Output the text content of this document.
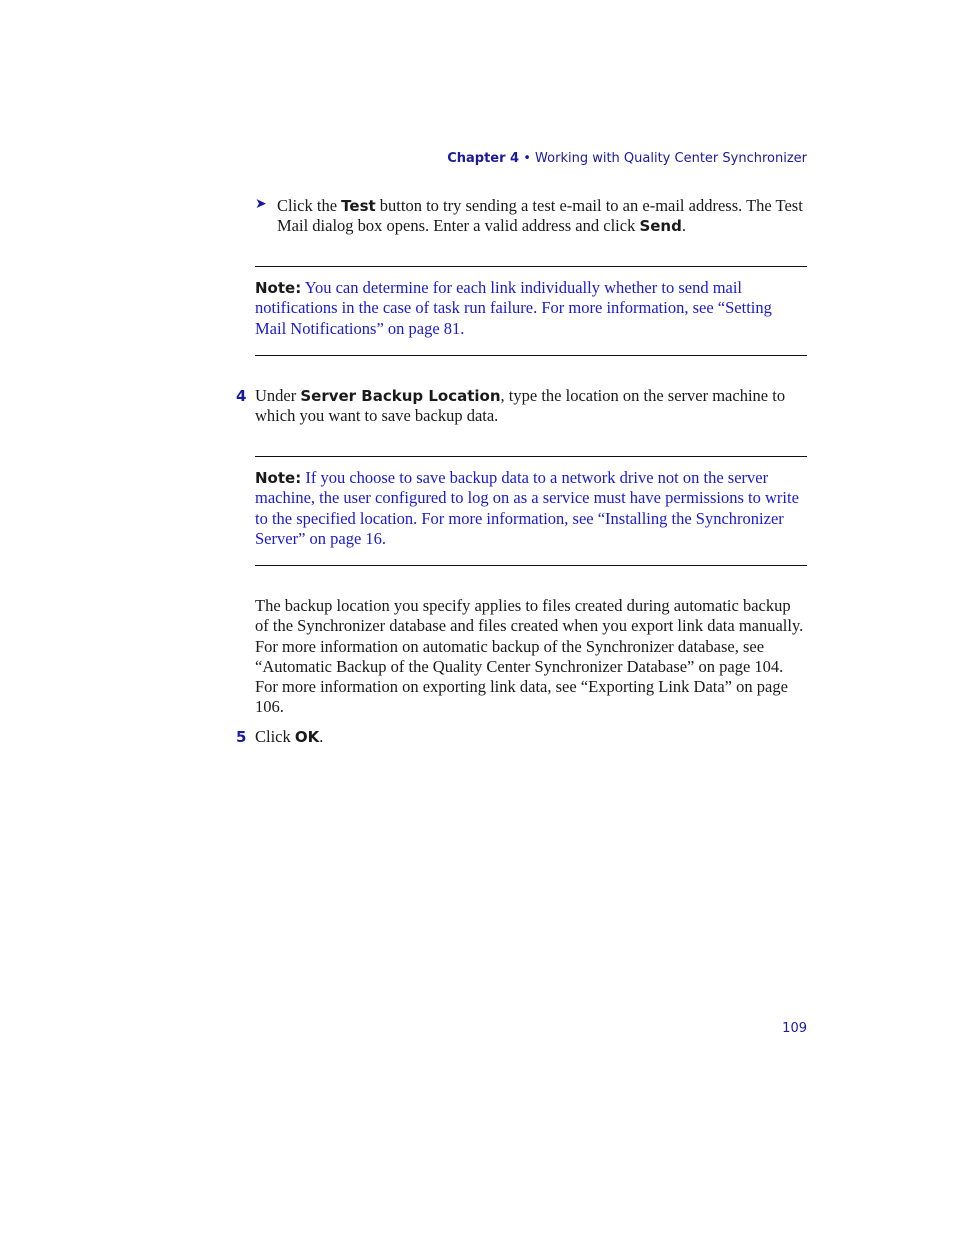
Chapter 4 • Working with Quality Center Synchronizer
➤ Click the Test button to try sending a test e-mail to an e-mail address. The Test Mail dialog box opens. Enter a valid address and click Send.
Note: You can determine for each link individually whether to send mail notifications in the case of task run failure. For more information, see “Setting Mail Notifications” on page 81.
4 Under Server Backup Location, type the location on the server machine to which you want to save backup data.
Note: If you choose to save backup data to a network drive not on the server machine, the user configured to log on as a service must have permissions to write to the specified location. For more information, see “Installing the Synchronizer Server” on page 16.
The backup location you specify applies to files created during automatic backup of the Synchronizer database and files created when you export link data manually. For more information on automatic backup of the Synchronizer database, see “Automatic Backup of the Quality Center Synchronizer Database” on page 104. For more information on exporting link data, see “Exporting Link Data” on page 106.
5 Click OK.
109
